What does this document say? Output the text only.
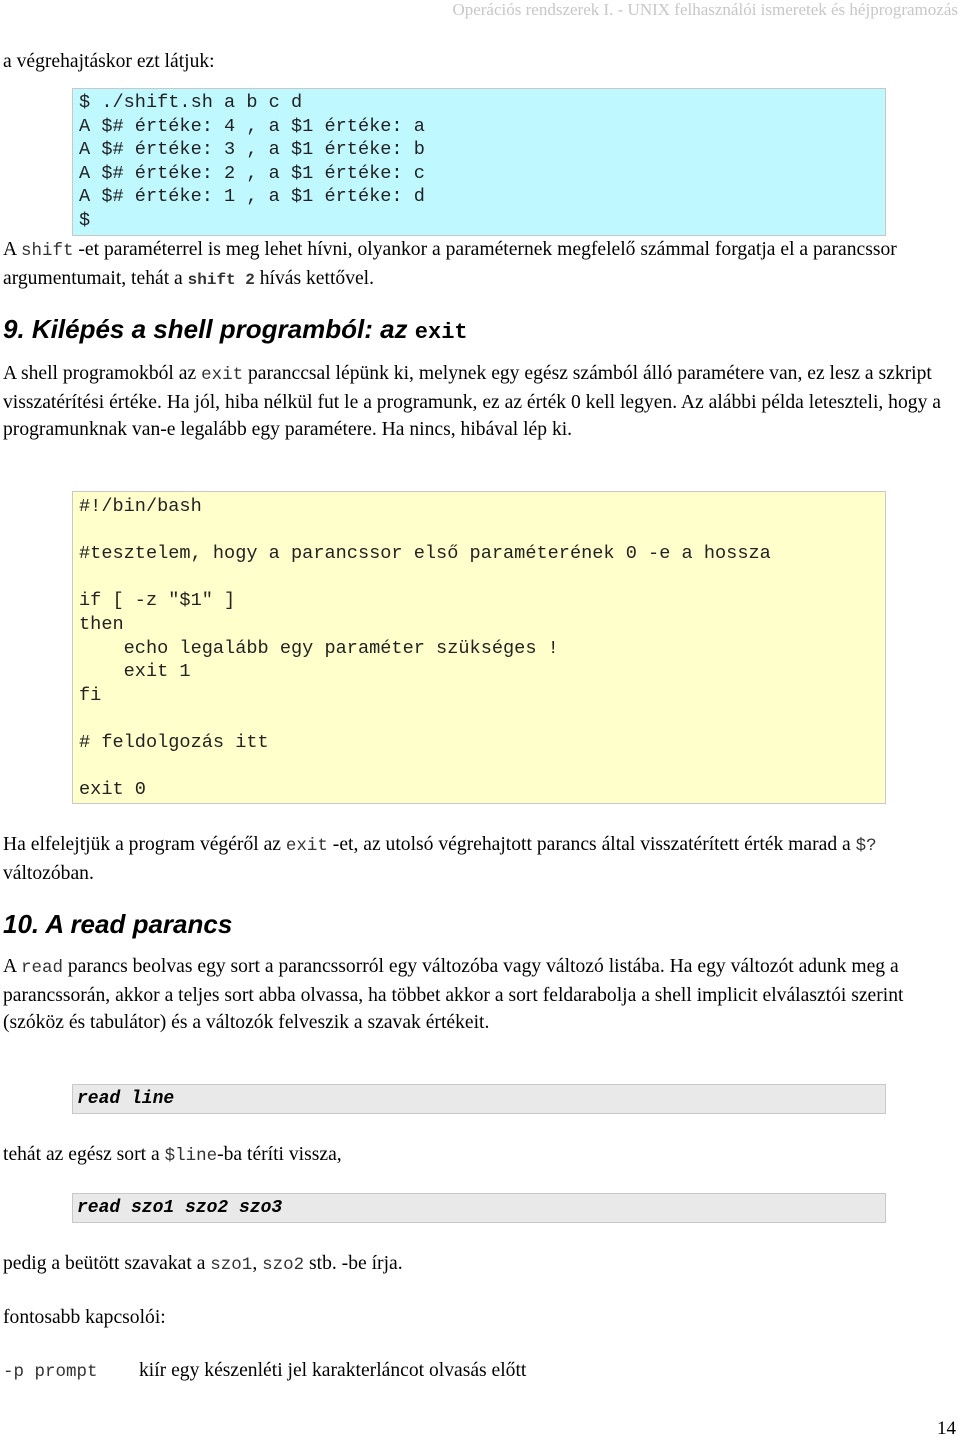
Operációs rendszerek I. - UNIX felhasználói ismeretek és héjprogramozás

a végrehajtáskor ezt látjuk:

$ ./shift.sh a b c d
A $# értéke: 4 , a $1 értéke: a
A $# értéke: 3 , a $1 értéke: b
A $# értéke: 2 , a $1 értéke: c
A $# értéke: 1 , a $1 értéke: d
$

A shift -et paraméterrel is meg lehet hívni, olyankor a paraméternek megfelelő számmal forgatja el a parancssor argumentumait, tehát a shift 2 hívás kettővel.

9. Kilépés a shell programból: az exit

A shell programokból az exit paranccsal lépünk ki, melynek egy egész számból álló paramétere van, ez lesz a szkript visszatérítési értéke. Ha jól, hiba nélkül fut le a programunk, ez az érték 0 kell legyen. Az alábbi példa leteszteli, hogy a programunknak van-e legalább egy paramétere. Ha nincs, hibával lép ki.

#!/bin/bash
#tesztelem, hogy a parancssor első paraméterének 0 -e a hossza
if [ -z "$1" ]
then
echo legalább egy paraméter szükséges !
exit 1
fi
# feldolgozás itt
exit 0

Ha elfelejtjük a program végéről az exit -et, az utolsó végrehajtott parancs által visszatérített érték marad a $? változóban.

10. A read parancs

A read parancs beolvas egy sort a parancssorról egy változóba vagy változó listába. Ha egy változót adunk meg a parancssorán, akkor a teljes sort abba olvassa, ha többet akkor a sort feldarabolja a shell implicit elválasztói szerint (szóköz és tabulátor) és a változók felveszik a szavak értékeit.

read line

tehát az egész sort a $line-ba téríti vissza,

read szo1 szo2 szo3

pedig a beütött szavakat a szo1, szo2 stb. -be írja.

fontosabb kapcsolói:

-p prompt kiír egy készenléti jel karakterláncot olvasás előtt
14
